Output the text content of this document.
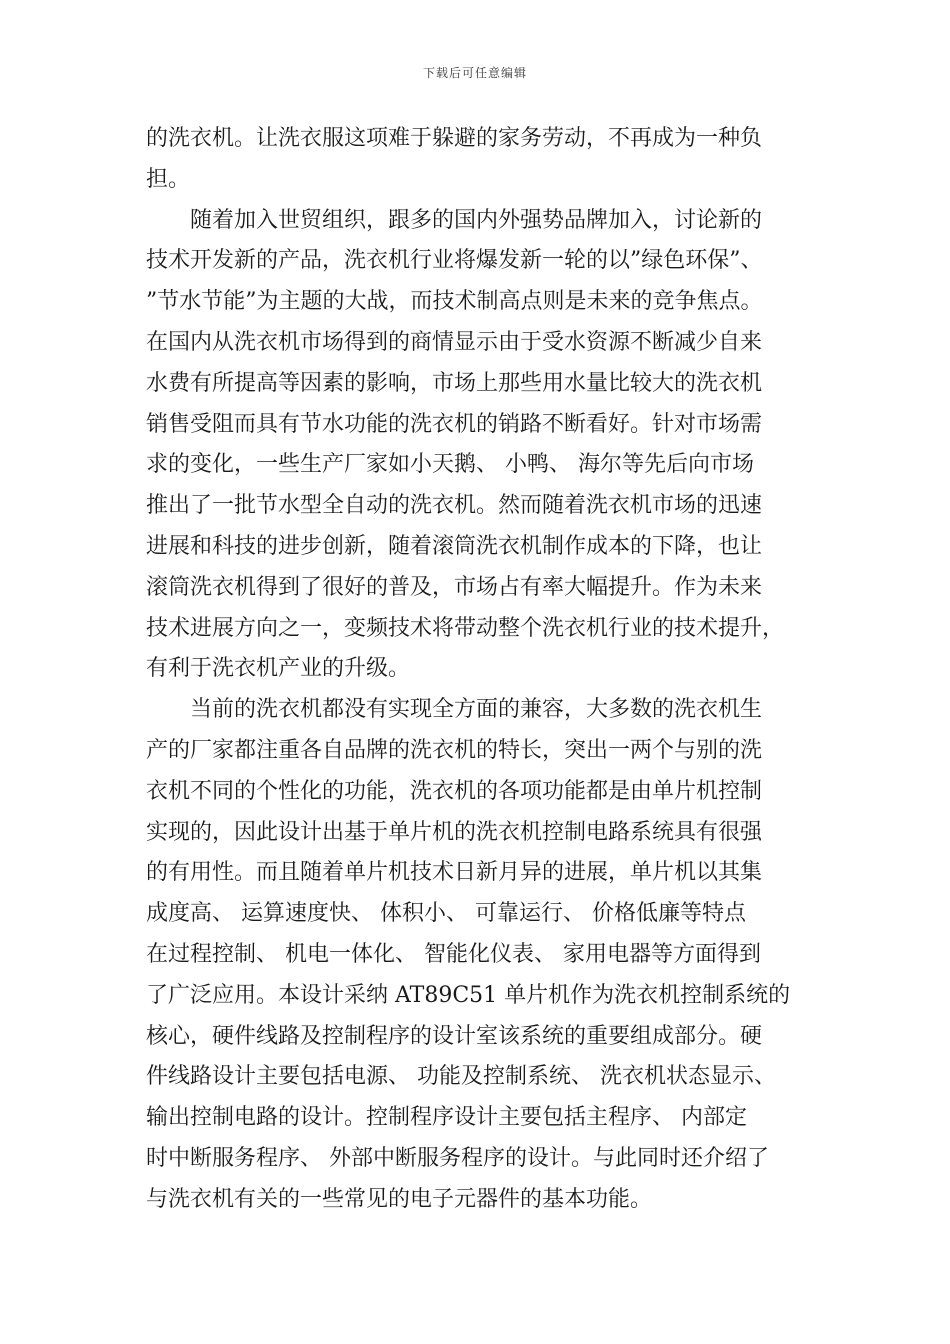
下载后可任意编辑
的洗衣机。让洗衣服这项难于躲避的家务劳动，不再成为一种负
担。
随着加入世贸组织，跟多的国内外强势品牌加入，讨论新的
技术开发新的产品，洗衣机行业将爆发新一轮的以”绿色环保”、
”节水节能”为主题的大战，而技术制高点则是未来的竞争焦点。
在国内从洗衣机市场得到的商情显示由于受水资源不断减少自来
水费有所提高等因素的影响，市场上那些用水量比较大的洗衣机
销售受阻而具有节水功能的洗衣机的销路不断看好。针对市场需
求的变化，一些生产厂家如小天鹅、 小鸭、 海尔等先后向市场
推出了一批节水型全自动的洗衣机。然而随着洗衣机市场的迅速
进展和科技的进步创新，随着滚筒洗衣机制作成本的下降，也让
滚筒洗衣机得到了很好的普及，市场占有率大幅提升。作为未来
技术进展方向之一，变频技术将带动整个洗衣机行业的技术提升，
有利于洗衣机产业的升级。
当前的洗衣机都没有实现全方面的兼容，大多数的洗衣机生
产的厂家都注重各自品牌的洗衣机的特长，突出一两个与别的洗
衣机不同的个性化的功能，洗衣机的各项功能都是由单片机控制
实现的，因此设计出基于单片机的洗衣机控制电路系统具有很强
的有用性。而且随着单片机技术日新月异的进展，单片机以其集
成度高、 运算速度快、 体积小、 可靠运行、 价格低廉等特点
在过程控制、 机电一体化、 智能化仪表、 家用电器等方面得到
了广泛应用。本设计采纳 AT89C51 单片机作为洗衣机控制系统的
核心，硬件线路及控制程序的设计室该系统的重要组成部分。硬
件线路设计主要包括电源、 功能及控制系统、 洗衣机状态显示、
输出控制电路的设计。控制程序设计主要包括主程序、 内部定
时中断服务程序、 外部中断服务程序的设计。与此同时还介绍了
与洗衣机有关的一些常见的电子元器件的基本功能。
